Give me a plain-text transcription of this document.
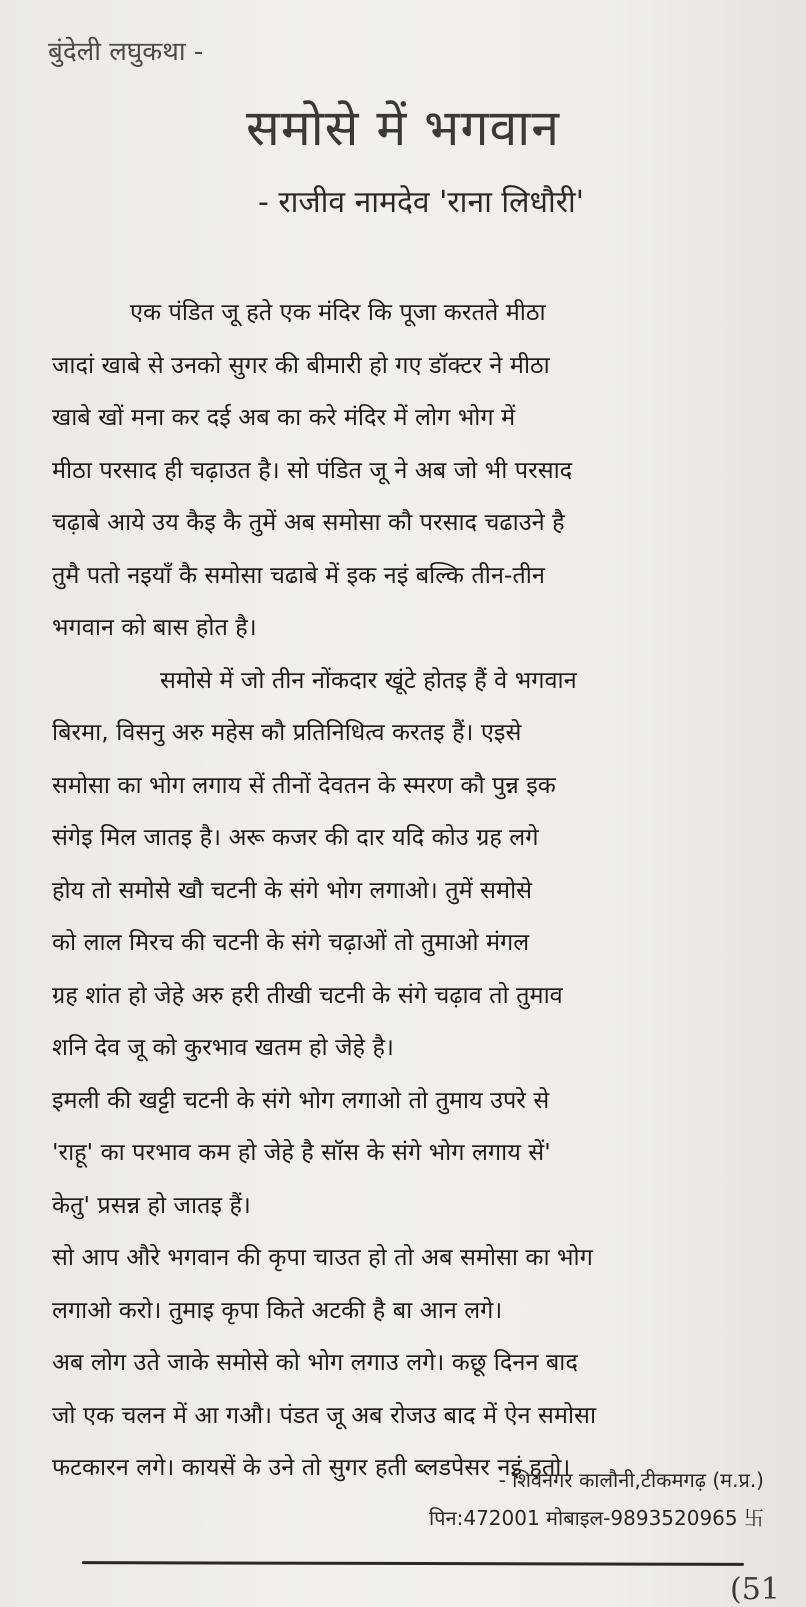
बुंदेली लघुकथा -
समोसे में भगवान
- राजीव नामदेव 'राना लिधौरी'
एक पंडित जू हते एक मंदिर कि पूजा करतते मीठा
जादां खाबे से उनको सुगर की बीमारी हो गए डॉक्टर ने मीठा
खाबे खों मना कर दई अब का करे मंदिर में लोग भोग में
मीठा परसाद ही चढ़ाउत है। सो पंडित जू ने अब जो भी परसाद
चढ़ाबे आये उय कैइ कै तुमें अब समोसा कौ परसाद चढाउने है
तुमै पतो नइयाँ कै समोसा चढाबे में इक नइं बल्कि तीन-तीन
भगवान को बास होत है।
समोसे में जो तीन नोंकदार खूंटे होतइ हैं वे भगवान
बिरमा, विसनु अरु महेस कौ प्रतिनिधित्व करतइ हैं। एइसे
समोसा का भोग लगाय सें तीनों देवतन के स्मरण कौ पुन्न इक
संगेइ मिल जातइ है। अरू कजर की दार यदि कोउ ग्रह लगे
होय तो समोसे खौ चटनी के संगे भोग लगाओ। तुमें समोसे
को लाल मिरच की चटनी के संगे चढ़ाओं तो तुमाओ मंगल
ग्रह शांत हो जेहे अरु हरी तीखी चटनी के संगे चढ़ाव तो तुमाव
शनि देव जू को कुरभाव खतम हो जेहे है।
इमली की खट्टी चटनी के संगे भोग लगाओ तो तुमाय उपरे से
'राहू' का परभाव कम हो जेहे है सॉस के संगे भोग लगाय सें'
केतु' प्रसन्न हो जातइ हैं।
सो आप औरे भगवान की कृपा चाउत हो तो अब समोसा का भोग
लगाओ करो। तुमाइ कृपा किते अटकी है बा आन लगे।
अब लोग उते जाके समोसे को भोग लगाउ लगे। कछू दिनन बाद
जो एक चलन में आ गऔ। पंडत जू अब रोजउ बाद में ऐन समोसा
फटकारन लगे। कायसें के उने तो सुगर हती ब्लडपेसर नइं हतो।
- शिवनगर कालौनी,टीकमगढ़ (म.प्र.)
पिन:472001 मोबाइल-9893520965 卐
(51
